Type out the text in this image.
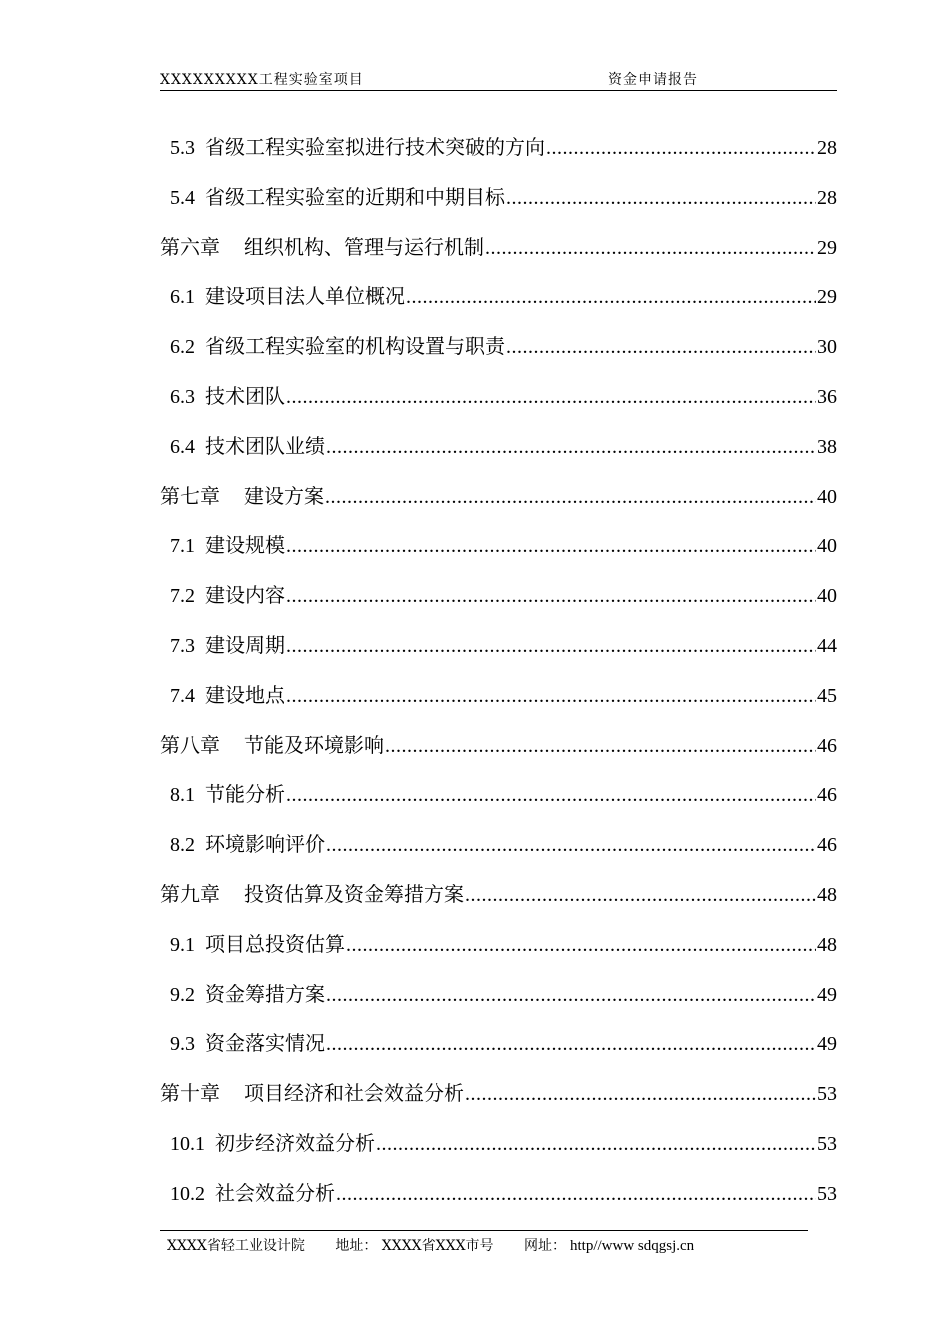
XXXXXXXXX工程实验室项目	资金申请报告
5.3 省级工程实验室拟进行技术突破的方向 .....	28
5.4 省级工程实验室的近期和中期目标 .....	28
第六章 组织机构、管理与运行机制 .....	29
6.1 建设项目法人单位概况 .....	29
6.2 省级工程实验室的机构设置与职责 .....	30
6.3 技术团队 .....	36
6.4 技术团队业绩 .....	38
第七章 建设方案 .....	40
7.1 建设规模 .....	40
7.2 建设内容 .....	40
7.3 建设周期 .....	44
7.4 建设地点 .....	45
第八章 节能及环境影响 .....	46
8.1 节能分析 .....	46
8.2 环境影响评价 .....	46
第九章 投资估算及资金筹措方案 .....	48
9.1 项目总投资估算 .....	48
9.2 资金筹措方案 .....	49
9.3 资金落实情况 .....	49
第十章 项目经济和社会效益分析 .....	53
10.1 初步经济效益分析 .....	53
10.2 社会效益分析 .....	53
XXXX省轻工业设计院 地址： XXXX省XXX市号 网址： http//www sdqgsj.cn
